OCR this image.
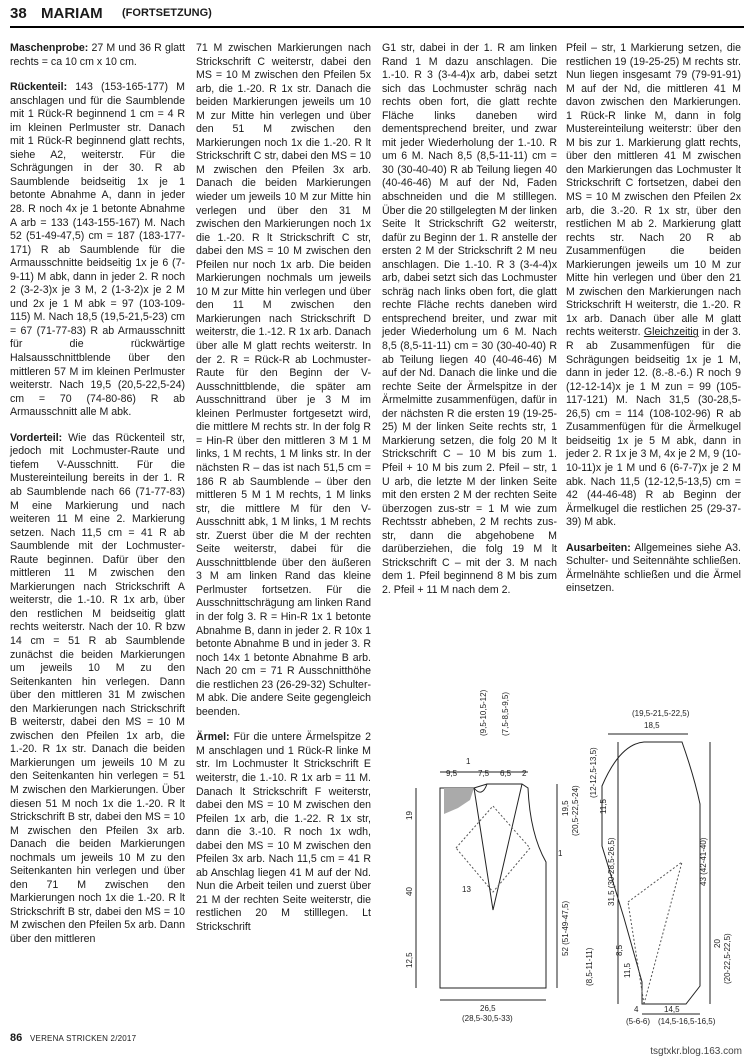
38 MARIAM (FORTSETZUNG)

Maschenprobe: 27 M und 36 R glatt rechts = ca 10 cm x 10 cm.

Rückenteil: 143 (153-165-177) M anschlagen und für die Saumblende mit 1 Rück-R beginnend 1 cm = 4 R im kleinen Perlmuster str. Danach mit 1 Rück-R beginnend glatt rechts, siehe A2, weiterstr. Für die Schrägungen in der 30. R ab Saumblende beidseitig 1x je 1 betonte Abnahme A, dann in jeder 28. R noch 4x je 1 betonte Abnahme A arb = 133 (143-155-167) M. Nach 52 (51-49-47,5) cm = 187 (183-177-171) R ab Saumblende für die Armausschnitte beidseitig 1x je 6 (7-9-11) M abk, dann in jeder 2. R noch 2 (3-2-3)x je 3 M, 2 (1-3-2)x je 2 M und 2x je 1 M abk = 97 (103-109-115) M. Nach 18,5 (19,5-21,5-23) cm = 67 (71-77-83) R ab Armausschnitt für die rückwärtige Halsausschnittblende über den mittleren 57 M im kleinen Perlmuster weiterstr. Nach 19,5 (20,5-22,5-24) cm = 70 (74-80-86) R ab Armausschnitt alle M abk.

Vorderteil: Wie das Rückenteil str, jedoch mit Lochmuster-Raute und tiefem V-Ausschnitt. Für die Mustereinteilung bereits in der 1. R ab Saumblende nach 66 (71-77-83) M eine Markierung und nach weiteren 11 M eine 2. Markierung setzen. Nach 11,5 cm = 41 R ab Saumblende mit der Lochmuster-Raute beginnen. Dafür über den mittleren 11 M zwischen den Markierungen nach Strickschrift A weiterstr, die 1.-10. R 1x arb, über den restlichen M beidseitig glatt rechts weiterstr. Nach der 10. R bzw 14 cm = 51 R ab Saumblende zunächst die beiden Markierungen um jeweils 10 M zu den Seitenkanten hin verlegen. Dann über den mittleren 31 M zwischen den Markierungen nach Strickschrift B weiterstr, dabei den MS = 10 M zwischen den Pfeilen 1x arb, die 1.-20. R 1x str. Danach die beiden Markierungen um jeweils 10 M zu den Seitenkanten hin verlegen = 51 M zwischen den Markierungen. Über diesen 51 M noch 1x die 1.-20. R lt Strickschrift B str, dabei den MS = 10 M zwischen den Pfeilen 3x arb. Danach die beiden Markierungen nochmals um jeweils 10 M zu den Seitenkanten hin verlegen und über den 71 M zwischen den Markierungen noch 1x die 1.-20. R lt Strickschrift B str, dabei den MS = 10 M zwischen den Pfeilen 5x arb. Dann über den mittleren

71 M zwischen Markierungen nach Strickschrift C weiterstr, dabei den MS = 10 M zwischen den Pfeilen 5x arb, die 1.-20. R 1x str. Danach die beiden Markierungen jeweils um 10 M zur Mitte hin verlegen und über den 51 M zwischen den Markierungen noch 1x die 1.-20. R lt Strickschrift C str, dabei den MS = 10 M zwischen den Pfeilen 3x arb. Danach die beiden Markierungen wieder um jeweils 10 M zur Mitte hin verlegen und über den 31 M zwischen den Markierungen noch 1x die 1.-20. R lt Strickschrift C str, dabei den MS = 10 M zwischen den Pfeilen nur noch 1x arb. Die beiden Markierungen nochmals um jeweils 10 M zur Mitte hin verlegen und über den 11 M zwischen den Markierungen nach Strickschrift D weiterstr, die 1.-12. R 1x arb. Danach über alle M glatt rechts weiterstr. In der 2. R = Rück-R ab Lochmuster-Raute für den Beginn der V-Ausschnittblende, die später am Ausschnittrand über je 3 M im kleinen Perlmuster fortgesetzt wird, die mittlere M rechts str. In der folg R = Hin-R über den mittleren 3 M 1 M links, 1 M rechts, 1 M links str. In der nächsten R – das ist nach 51,5 cm = 186 R ab Saumblende – über den mittleren 5 M 1 M rechts, 1 M links str, die mittlere M für den V-Ausschnitt abk, 1 M links, 1 M rechts str. Zuerst über die M der rechten Seite weiterstr, dabei für die Ausschnittblende über den äußeren 3 M am linken Rand das kleine Perlmuster fortsetzen. Für die Ausschnittschrägung am linken Rand in der folg 3. R = Hin-R 1x 1 betonte Abnahme B, dann in jeder 2. R 10x 1 betonte Abnahme B und in jeder 3. R noch 14x 1 betonte Abnahme B arb. Nach 20 cm = 71 R Ausschnitthöhe die restlichen 23 (26-29-32) Schulter-M abk. Die andere Seite gegengleich beenden.

Ärmel: Für die untere Ärmelspitze 2 M anschlagen und 1 Rück-R linke M str. Im Lochmuster lt Strickschrift E weiterstr, die 1.-10. R 1x arb = 11 M. Danach lt Strickschrift F weiterstr, dabei den MS = 10 M zwischen den Pfeilen 1x arb, die 1.-22. R 1x str, dann die 3.-10. R noch 1x wdh, dabei den MS = 10 M zwischen den Pfeilen 3x arb. Nach 11,5 cm = 41 R ab Anschlag liegen 41 M auf der Nd. Nun die Arbeit teilen und zuerst über 21 M der rechten Seite weiterstr, die restlichen 20 M stilllegen. Lt Strickschrift

G1 str, dabei in der 1. R am linken Rand 1 M dazu anschlagen. Die 1.-10. R 3 (3-4-4)x arb, dabei setzt sich das Lochmuster schräg nach rechts oben fort, die glatt rechte Fläche links daneben wird dementsprechend breiter, und zwar mit jeder Wiederholung der 1.-10. R um 6 M. Nach 8,5 (8,5-11-11) cm = 30 (30-40-40) R ab Teilung liegen 40 (40-46-46) M auf der Nd, Faden abschneiden und die M stilllegen. Über die 20 stillgelegten M der linken Seite lt Strickschrift G2 weiterstr, dafür zu Beginn der 1. R anstelle der ersten 2 M der Strickschrift 2 M neu anschlagen. Die 1.-10. R 3 (3-4-4)x arb, dabei setzt sich das Lochmuster schräg nach links oben fort, die glatt rechte Fläche rechts daneben wird entsprechend breiter, und zwar mit jeder Wiederholung um 6 M. Nach 8,5 (8,5-11-11) cm = 30 (30-40-40) R ab Teilung liegen 40 (40-46-46) M auf der Nd. Danach die linke und die rechte Seite der Ärmelspitze in der Ärmelmitte zusammenfügen, dafür in der nächsten R die ersten 19 (19-25-25) M der linken Seite rechts str, 1 Markierung setzen, die folg 20 M lt Strickschrift C – 10 M bis zum 1. Pfeil + 10 M bis zum 2. Pfeil – str, 1 U arb, die letzte M der linken Seite mit den ersten 2 M der rechten Seite überzogen zus-str = 1 M wie zum Rechtsstr abheben, 2 M rechts zus-str, dann die abgehobene M darüberziehen, die folg 19 M lt Strickschrift C – mit der 3. M nach dem 1. Pfeil beginnend 8 M bis zum 2. Pfeil + 11 M nach dem 2.

Pfeil – str, 1 Markierung setzen, die restlichen 19 (19-25-25) M rechts str. Nun liegen insgesamt 79 (79-91-91) M auf der Nd, die mittleren 41 M davon zwischen den Markierungen. 1 Rück-R linke M, dann in folg Mustereinteilung weiterstr: über den M bis zur 1. Markierung glatt rechts, über den mittleren 41 M zwischen den Markierungen das Lochmuster lt Strickschrift C fortsetzen, dabei den MS = 10 M zwischen den Pfeilen 2x arb, die 3.-20. R 1x str, über den restlichen M ab 2. Markierung glatt rechts str. Nach 20 R ab Zusammenfügen die beiden Markierungen jeweils um 10 M zur Mitte hin verlegen und über den 21 M zwischen den Markierungen nach Strickschrift H weiterstr, die 1.-20. R 1x arb. Danach über alle M glatt rechts weiterstr. Gleichzeitig in der 3. R ab Zusammenfügen für die Schrägungen beidseitig 1x je 1 M, dann in jeder 12. (8.-8.-6.) R noch 9 (12-12-14)x je 1 M zun = 99 (105-117-121) M. Nach 31,5 (30-28,5-26,5) cm = 114 (108-102-96) R ab Zusammenfügen für die Ärmelkugel beidseitig 1x je 5 M abk, dann in jeder 2. R 1x je 3 M, 4x je 2 M, 9 (10-10-11)x je 1 M und 6 (6-7-7)x je 2 M abk. Nach 11,5 (12-12,5-13,5) cm = 42 (44-46-48) R ab Beginn der Ärmelkugel die restlichen 25 (29-37-39) M abk.

Ausarbeiten: Allgemeines siehe A3. Schulter- und Seitennähte schließen. Ärmelnähte schließen und die Ärmel einsetzen.

(9,5-10,5-12) (7,5-8,5-9,5)
1
9,5	7,5 6,5 2
19
40
12,5
13
19,5 (20,5-22,5-24)
1
52 (51-49-47,5)
26,5
(28,5-30,5-33)
(19,5-21,5-22,5)
18,5
(12-12,5-13,5)
11,5
31,5 (30-28,5-26,5)
8,5
11,5
(8,5-11-11)
43 (42-41-40)
20 (20-22,5-22,5)
4	14,5
(5-6-6) (14,5-16,5-16,5)
86 VERENA STRICKEN 2/2017
tsgtxkr.blog.163.com
